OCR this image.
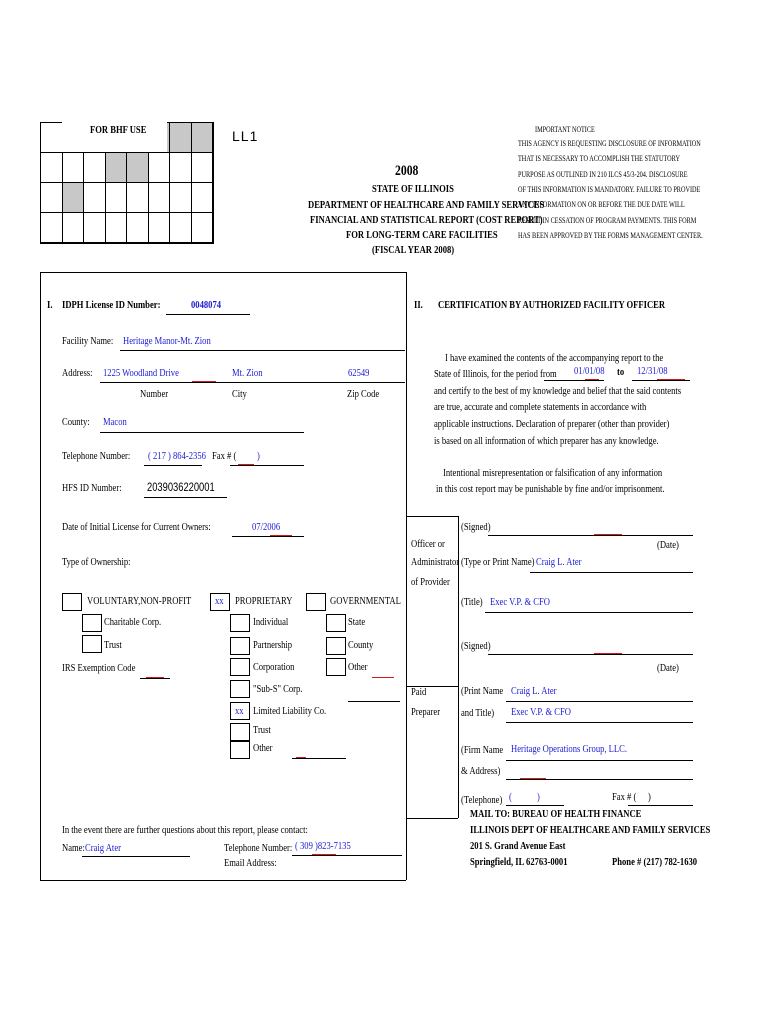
FOR BHF USE	LL1
2008
STATE OF ILLINOIS
DEPARTMENT OF HEALTHCARE AND FAMILY SERVICES
FINANCIAL AND STATISTICAL REPORT (COST REPORT)
FOR LONG-TERM CARE FACILITIES
(FISCAL YEAR 2008)
IMPORTANT NOTICE
THIS AGENCY IS REQUESTING DISCLOSURE OF INFORMATION
THAT IS NECESSARY TO ACCOMPLISH THE STATUTORY
PURPOSE AS OUTLINED IN 210 ILCS 45/3-204. DISCLOSURE
OF THIS INFORMATION IS MANDATORY. FAILURE TO PROVIDE
ANY INFORMATION ON OR BEFORE THE DUE DATE WILL
RESULT IN CESSATION OF PROGRAM PAYMENTS. THIS FORM
HAS BEEN APPROVED BY THE FORMS MANAGEMENT CENTER.
I. IDPH License ID Number:	0048074
Facility Name: Heritage Manor-Mt. Zion
Address: 1225 Woodland Drive	Mt. Zion	62549
Number	City	Zip Code
County: Macon
Telephone Number: ( 217 ) 864-2356 Fax # ( )
HFS ID Number: 2039036220001
Date of Initial License for Current Owners:	07/2006
Type of Ownership:
VOLUNTARY,NON-PROFIT
Charitable Corp.
Trust
IRS Exemption Code
xx PROPRIETARY
Individual
Partnership
Corporation
"Sub-S" Corp.
xx Limited Liability Co.
Trust
Other
GOVERNMENTAL
State
County
Other
In the event there are further questions about this report, please contact:
Name: Craig Ater	Telephone Number: ( 309 )823-7135
Email Address:
II. CERTIFICATION BY AUTHORIZED FACILITY OFFICER
I have examined the contents of the accompanying report to the
State of Illinois, for the period from 01/01/08 to 12/31/08
and certify to the best of my knowledge and belief that the said contents
are true, accurate and complete statements in accordance with
applicable instructions. Declaration of preparer (other than provider)
is based on all information of which preparer has any knowledge.
Intentional misrepresentation or falsification of any information
in this cost report may be punishable by fine and/or imprisonment.
Officer or
Administrator
of Provider
(Signed)
(Date)
(Type or Print Name) Craig L. Ater
(Title) Exec V.P. & CFO
(Signed)
(Date)
Paid
Preparer
(Print Name Craig L. Ater
and Title) Exec V.P. & CFO
(Firm Name Heritage Operations Group, LLC.
& Address)
(Telephone) ( )	Fax # ( )
MAIL TO: BUREAU OF HEALTH FINANCE
ILLINOIS DEPT OF HEALTHCARE AND FAMILY SERVICES
201 S. Grand Avenue East
Springfield, IL 62763-0001	Phone # (217) 782-1630
